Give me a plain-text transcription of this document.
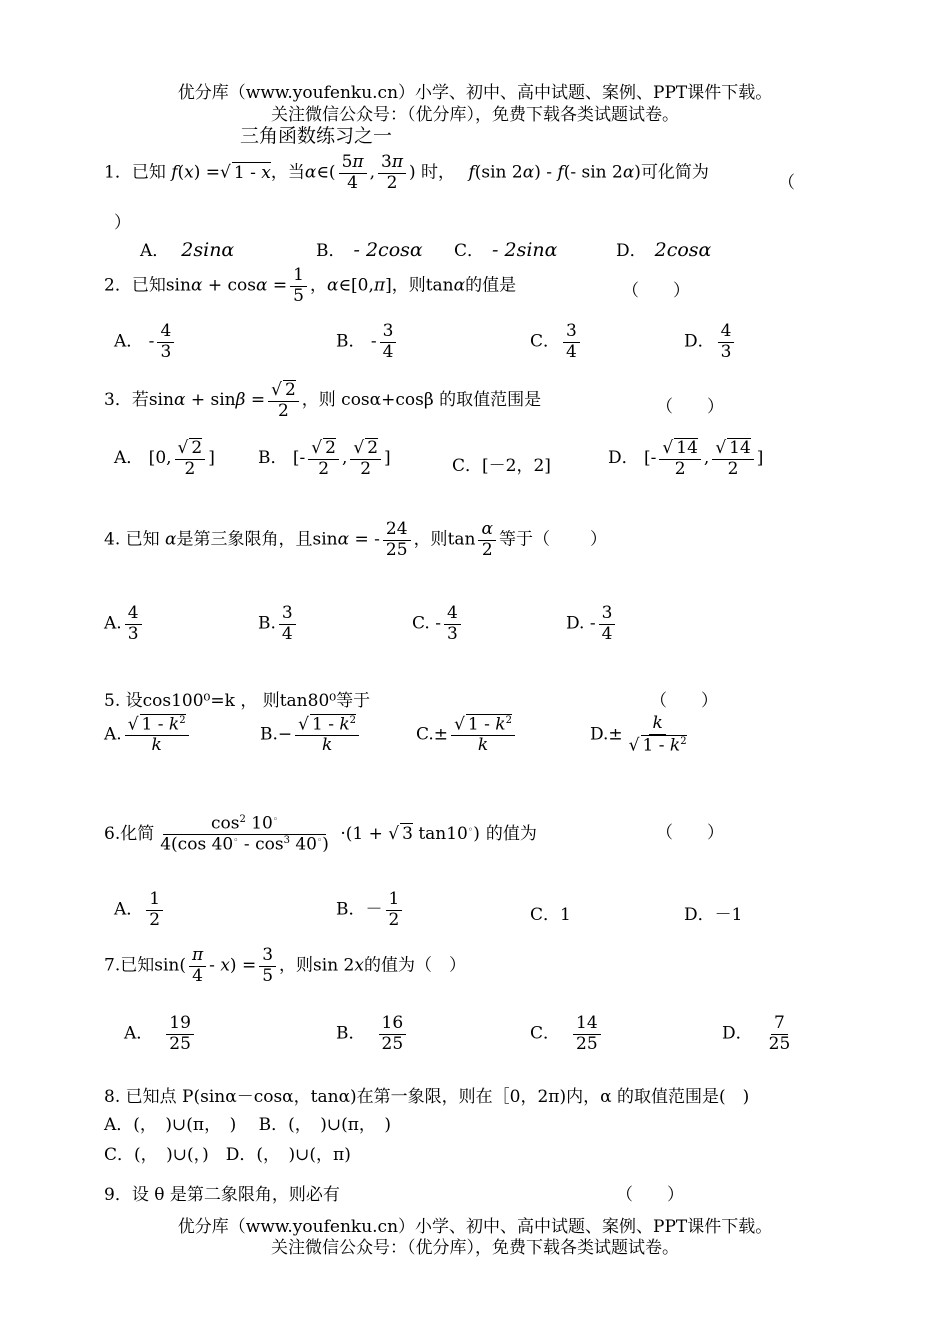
优分库（www.youfenku.cn）小学、初中、高中试题、案例、PPT课件下载。
关注微信公众号：（优分库），免费下载各类试题试卷。
三角函数练习之一
1．已知 f(x) =√ 1 - x，当α∈( $\frac{5\pi}{4}$ , $\frac{3\pi}{2}$ ) 时， f(sin 2α) - f(- sin 2α)可化简为
（
）
A． 2sinα	B． - 2cosα C． - 2sinα	D． 2cosα
2．已知$\sin\alpha + \cos\alpha = \frac{1}{5}$ ，α∈[0,π]，则tanα的值是	（　　）
A． - $\frac{4}{3}$	B． - $\frac{3}{4}$	C． $\frac{3}{4}$	D． $\frac{4}{3}$
3．若$\sin\alpha + \sin\beta = \frac{√ 2}{2}$ ，则 cosα+cosβ 的取值范围是	（　　）
A． [0, $\frac{√ 2}{2}$ ]	B． [- $\frac{√ 2}{2}$ , $\frac{√ 2}{2}$ ]	C．[－2，2]	D． [- $\frac{√ 14}{2}$ , $\frac{√ 14}{2}$ ]
4. 已知 α是第三象限角，且sinα = - $\frac{24}{25}$ ，则$\tan \frac{\alpha}{2}$ 等于（ ）
A. $\frac{4}{3}$	B. $\frac{3}{4}$	C. - $\frac{4}{3}$	D. - $\frac{3}{4}$
5. 设cos100⁰=k ， 则tan80⁰等于	（　　）
A. $\frac{√ 1 - k^2}{k}$	$B.- \frac{√ 1 - k^2}{k}$	$C.\pm \frac{√ 1 - k^2}{k}$	$D.\pm \frac{k}{√ 1 - k^2}$
6.化简 $\frac{\cos^2 10^◦}{4(\cos 40^◦ - \cos^3 40^◦)} \cdot(1$ + √ 3 tan10◦) 的值为	（　　）
A． $\frac{1}{2}$	B．－ $\frac{1}{2}$	C．1	D．－1
7.已知$\sin( \frac{\pi}{4} - x) = \frac{3}{5}$ ，则sin 2x的值为（　）
A． $\frac{19}{25}$	B． $\frac{16}{25}$	C． $\frac{14}{25}$	D． $\frac{7}{25}$
8. 已知点 P(sinα－cosα，tanα)在第一象限，则在［0，2π)内，α 的取值范围是(　)
A．(，　)∪(π，　)　 B．(，　)∪(π，　)
C．(，　)∪(，)　D．(，　)∪(，π)
9．设 θ 是第二象限角，则必有	（　　）
优分库（www.youfenku.cn）小学、初中、高中试题、案例、PPT课件下载。
关注微信公众号：（优分库），免费下载各类试题试卷。
